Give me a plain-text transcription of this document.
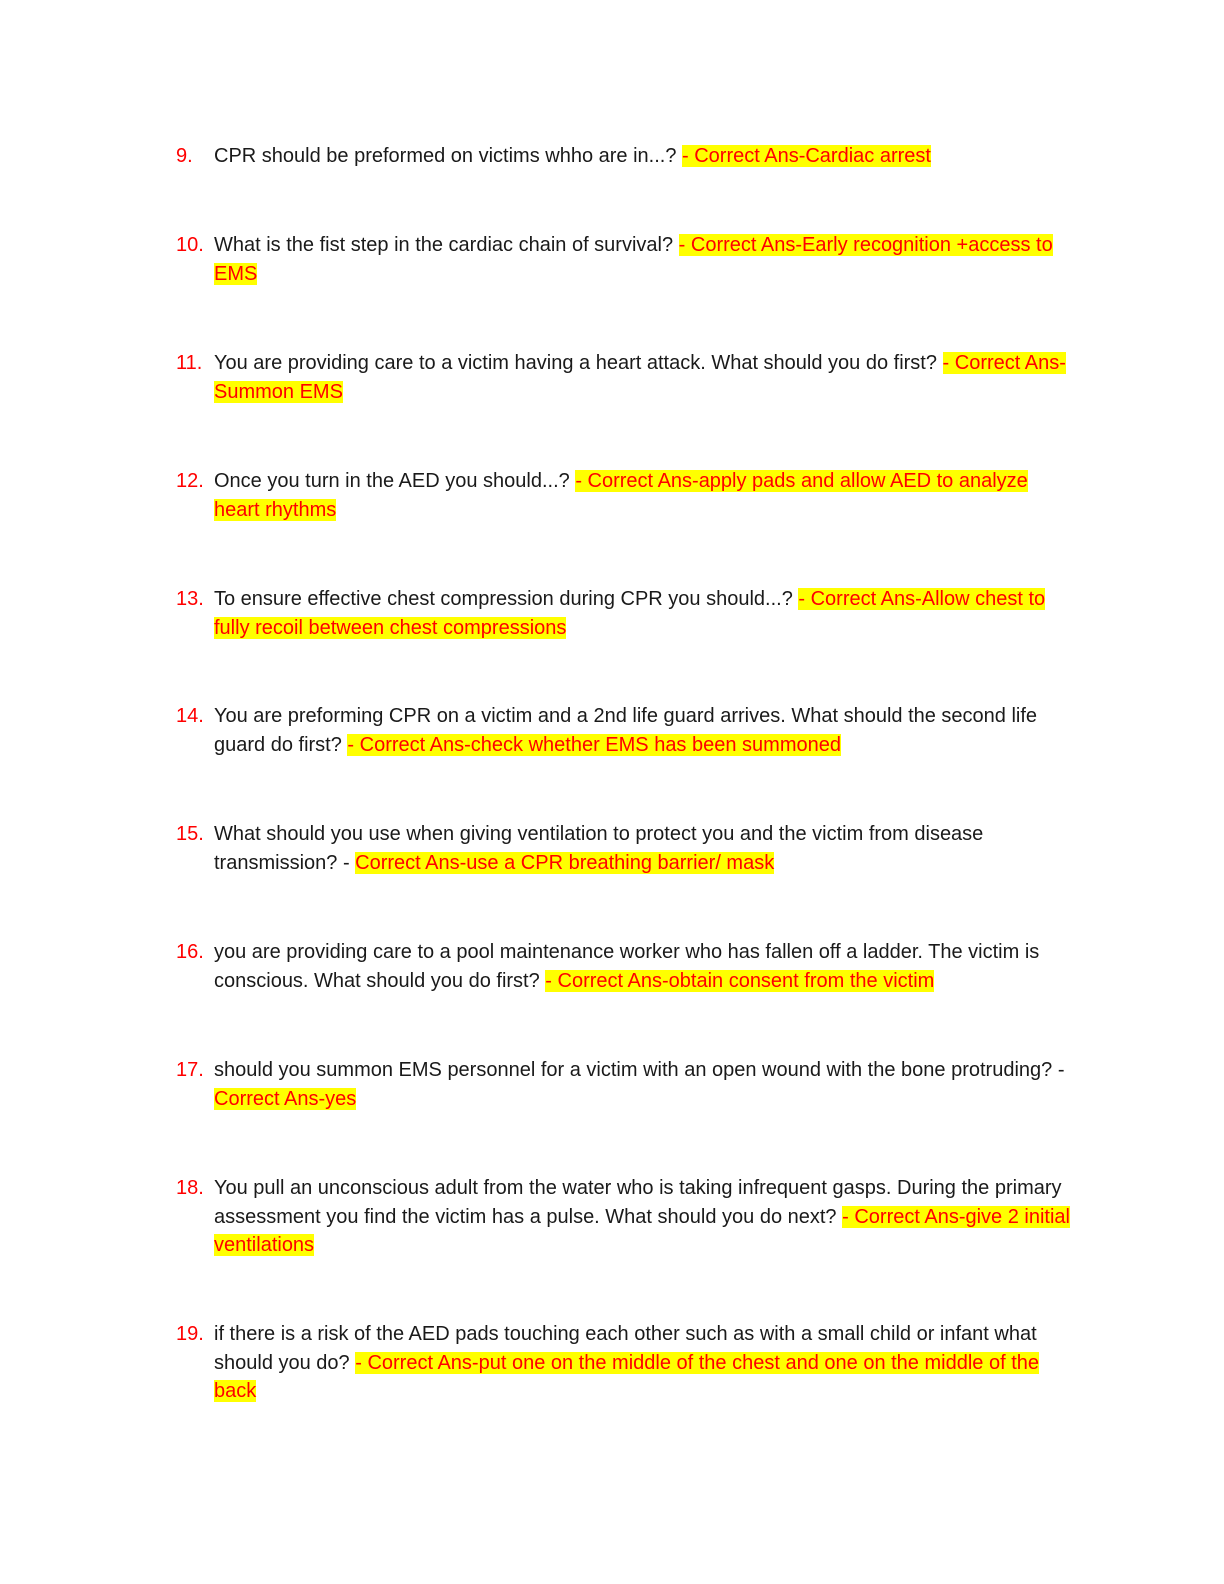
9.	CPR should be preformed on victims whho are in...? - Correct Ans-Cardiac arrest
10. What is the fist step in the cardiac chain of survival? - Correct Ans-Early recognition +access to EMS
11. You are providing care to a victim having a heart attack. What should you do first? - Correct Ans-Summon EMS
12. Once you turn in the AED you should...? - Correct Ans-apply pads and allow AED to analyze heart rhythms
13. To ensure effective chest compression during CPR you should...? - Correct Ans-Allow chest to fully recoil between chest compressions
14. You are preforming CPR on a victim and a 2nd life guard arrives. What should the second life guard do first? - Correct Ans-check whether EMS has been summoned
15. What should you use when giving ventilation to protect you and the victim from disease transmission? - Correct Ans-use a CPR breathing barrier/ mask
16. you are providing care to a pool maintenance worker who has fallen off a ladder. The victim is conscious. What should you do first? - Correct Ans-obtain consent from the victim
17. should you summon EMS personnel for a victim with an open wound with the bone protruding? - Correct Ans-yes
18. You pull an unconscious adult from the water who is taking infrequent gasps. During the primary assessment you find the victim has a pulse. What should you do next? - Correct Ans-give 2 initial ventilations
19. if there is a risk of the AED pads touching each other such as with a small child or infant what should you do? - Correct Ans-put one on the middle of the chest and one on the middle of the back
